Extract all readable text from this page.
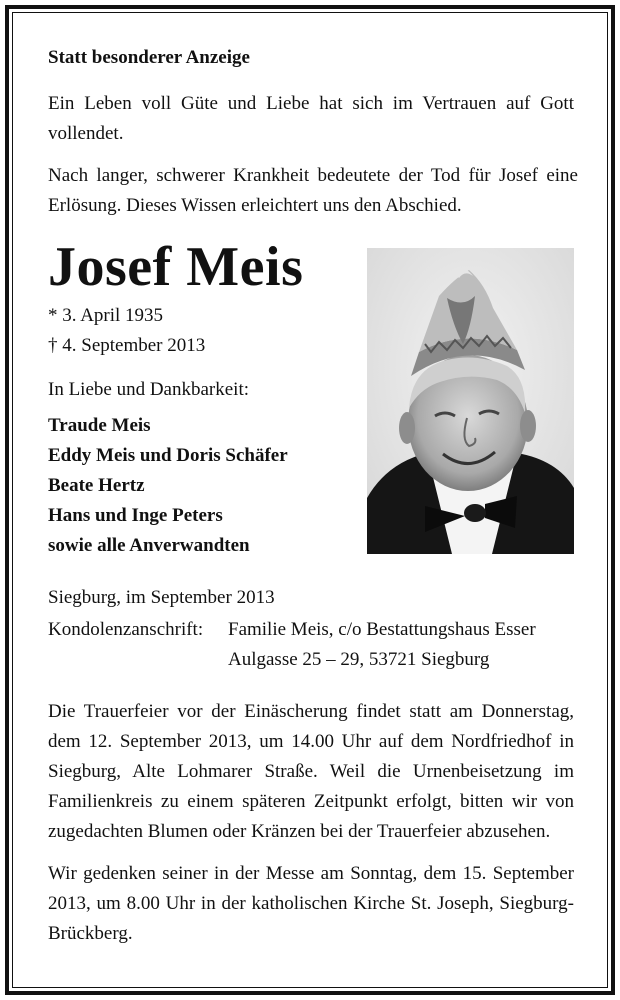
Statt besonderer Anzeige

Ein Leben voll Güte und Liebe hat sich im Vertrauen auf Gott vollendet.

Nach langer, schwerer Krankheit bedeutete der Tod für Josef eine Erlösung. Dieses Wissen erleichtert uns den Abschied.

Josef Meis
* 3. April 1935
† 4. September 2013
In Liebe und Dankbarkeit:
Traude Meis
Eddy Meis und Doris Schäfer
Beate Hertz
Hans und Inge Peters
sowie alle Anverwandten
Siegburg, im September 2013
Kondolenzanschrift:	Familie Meis, c/o Bestattungshaus Esser
Aulgasse 25 – 29, 53721 Siegburg

Die Trauerfeier vor der Einäscherung findet statt am Donnerstag, dem 12. September 2013, um 14.00 Uhr auf dem Nordfriedhof in Siegburg, Alte Lohmarer Straße. Weil die Urnenbeisetzung im Familienkreis zu einem späteren Zeitpunkt erfolgt, bitten wir von zugedachten Blumen oder Kränzen bei der Trauerfeier abzusehen.

Wir gedenken seiner in der Messe am Sonntag, dem 15. September 2013, um 8.00 Uhr in der katholischen Kirche St. Joseph, Siegburg-Brückberg.
